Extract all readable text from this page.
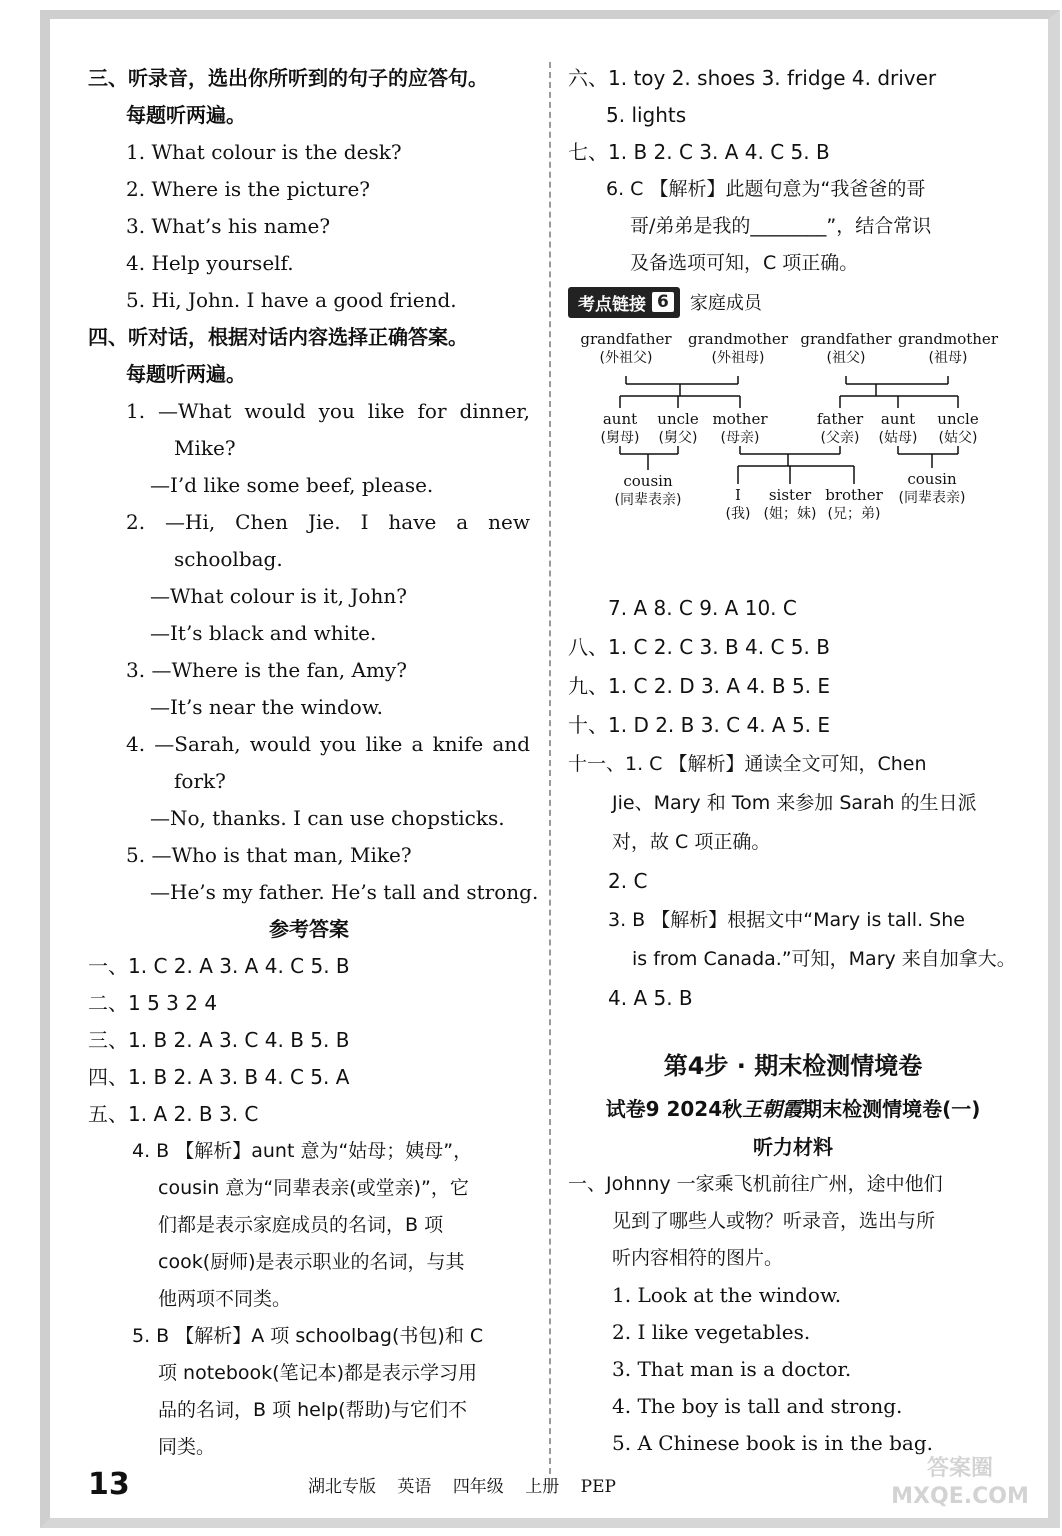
三、听录音，选出你所听到的句子的应答句。
每题听两遍。
1. What colour is the desk?
2. Where is the picture?
3. What’s his name?
4. Help yourself.
5. Hi, John. I have a good friend.
四、听对话，根据对话内容选择正确答案。
每题听两遍。
1. —What would you like for dinner,
Mike?
—I’d like some beef, please.
2. —Hi, Chen Jie. I have a new
schoolbag.
—What colour is it, John?
—It’s black and white.
3. —Where is the fan, Amy?
—It’s near the window.
4. —Sarah, would you like a knife and
fork?
—No, thanks. I can use chopsticks.
5. —Who is that man, Mike?
—He’s my father. He’s tall and strong.
参考答案
一、1. C 2. A 3. A 4. C 5. B
二、1 5 3 2 4
三、1. B 2. A 3. C 4. B 5. B
四、1. B 2. A 3. B 4. C 5. A
五、1. A 2. B 3. C
4. B 【解析】aunt 意为“姑母；姨母”，
cousin 意为“同辈表亲(或堂亲)”，它
们都是表示家庭成员的名词，B 项
cook(厨师)是表示职业的名词，与其
他两项不同类。
5. B 【解析】A 项 schoolbag(书包)和 C
项 notebook(笔记本)都是表示学习用
品的名词，B 项 help(帮助)与它们不
同类。
六、1. toy 2. shoes 3. fridge 4. driver
5. lights
七、1. B 2. C 3. A 4. C 5. B
6. C 【解析】此题句意为“我爸爸的哥
哥/弟弟是我的________”，结合常识
及备选项可知，C 项正确。
考点链接 6 家庭成员
grandfather
(外祖父)
grandmother
(外祖母)
grandfather
(祖父)
grandmother
(祖母)
aunt
(舅母)
uncle
(舅父)
mother
(母亲)
father
(父亲)
aunt
(姑母)
uncle
(姑父)
cousin
(同辈表亲)	I
(我)
sister
(姐；妹)
brother
(兄；弟)
cousin
(同辈表亲)
7. A 8. C 9. A 10. C
八、1. C 2. C 3. B 4. C 5. B
九、1. C 2. D 3. A 4. B 5. E
十、1. D 2. B 3. C 4. A 5. E
十一、1. C 【解析】通读全文可知，Chen
Jie、Mary 和 Tom 来参加 Sarah 的生日派
对，故 C 项正确。
2. C
3. B 【解析】根据文中“Mary is tall. She
is from Canada.”可知，Mary 来自加拿大。
4. A 5. B
第4步 · 期末检测情境卷
试卷9 2024秋王朝霞期末检测情境卷(一)
听力材料
一、Johnny 一家乘飞机前往广州，途中他们
见到了哪些人或物？听录音，选出与所
听内容相符的图片。
1. Look at the window.
2. I like vegetables.
3. That man is a doctor.
4. The boy is tall and strong.
5. A Chinese book is in the bag.
13	湖北专版 英语 四年级 上册 PEP
答案圈
MXQE.COM
